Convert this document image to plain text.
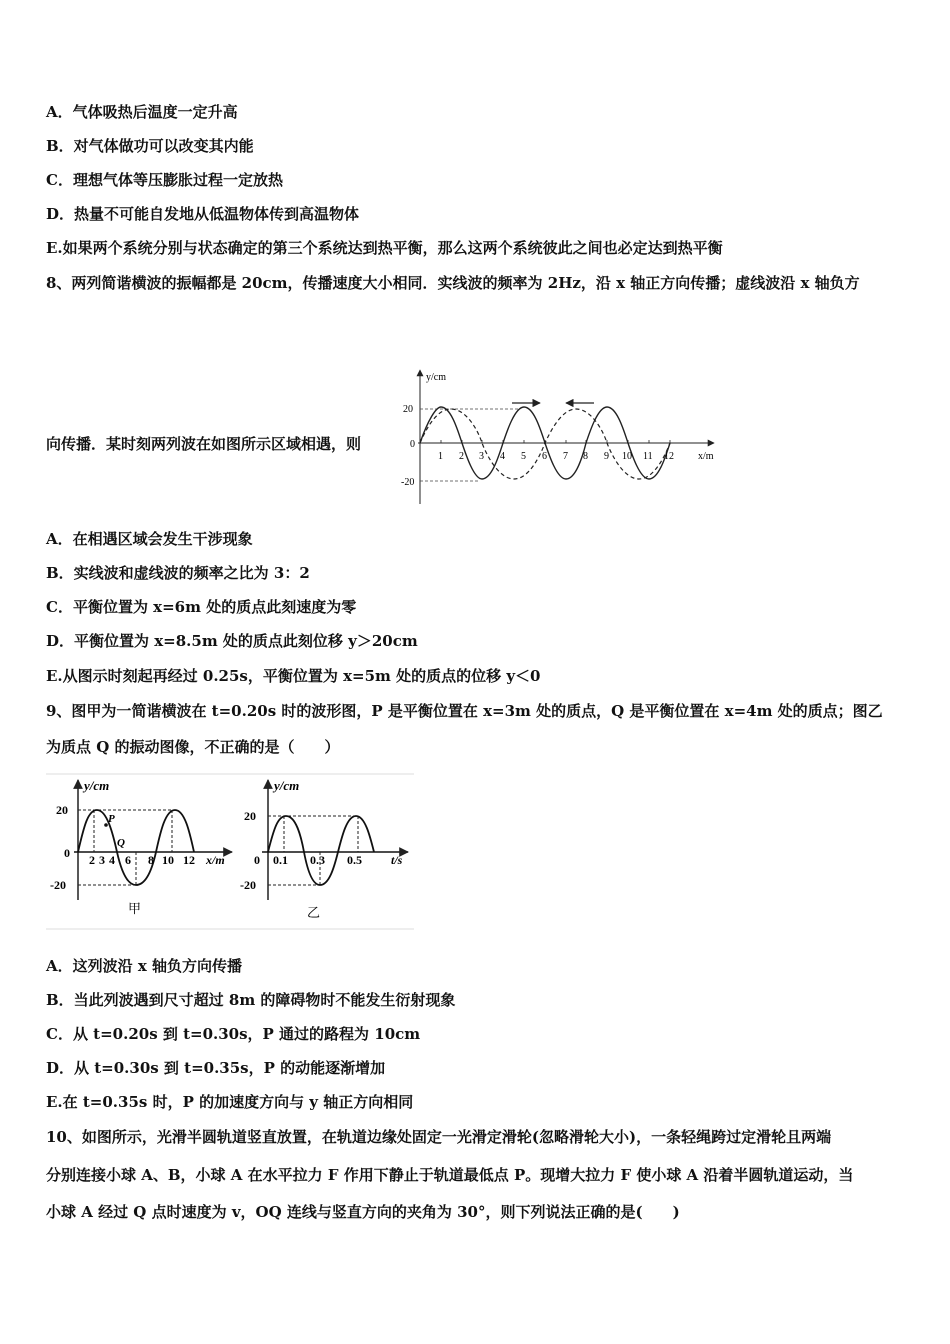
A．气体吸热后温度一定升高
B．对气体做功可以改变其内能
C．理想气体等压膨胀过程一定放热
D．热量不可能自发地从低温物体传到高温物体
E.如果两个系统分别与状态确定的第三个系统达到热平衡，那么这两个系统彼此之间也必定达到热平衡
8、两列简谐横波的振幅都是 20cm，传播速度大小相同．实线波的频率为 2Hz，沿 x 轴正方向传播；虚线波沿 x 轴负方
向传播．某时刻两列波在如图所示区域相遇，则
y/cm
x/m
20
0
-20
1 2 3 4 5 6 7 8 9 10 11 12
A．在相遇区域会发生干涉现象
B．实线波和虚线波的频率之比为 3：2
C．平衡位置为 x=6m 处的质点此刻速度为零
D．平衡位置为 x=8.5m 处的质点此刻位移 y＞20cm
E.从图示时刻起再经过 0.25s，平衡位置为 x=5m 处的质点的位移 y＜0
9、图甲为一简谐横波在 t=0.20s 时的波形图，P 是平衡位置在 x=3m 处的质点，Q 是平衡位置在 x=4m 处的质点；图乙
为质点 Q 的振动图像，不正确的是（　　）
y/cm
20
0
-20
P
Q
2 3 4 6 8 10 12 x/m
甲
y/cm
20
0
-20
0.1 0.3 0.5 t/s
乙
A．这列波沿 x 轴负方向传播
B．当此列波遇到尺寸超过 8m 的障碍物时不能发生衍射现象
C．从 t=0.20s 到 t=0.30s，P 通过的路程为 10cm
D．从 t=0.30s 到 t=0.35s，P 的动能逐渐增加
E.在 t=0.35s 时，P 的加速度方向与 y 轴正方向相同
10、如图所示，光滑半圆轨道竖直放置，在轨道边缘处固定一光滑定滑轮(忽略滑轮大小)，一条轻绳跨过定滑轮且两端
分别连接小球 A、B，小球 A 在水平拉力 F 作用下静止于轨道最低点 P。现增大拉力 F 使小球 A 沿着半圆轨道运动，当
小球 A 经过 Q 点时速度为 v，OQ 连线与竖直方向的夹角为 30°，则下列说法正确的是(　　)
